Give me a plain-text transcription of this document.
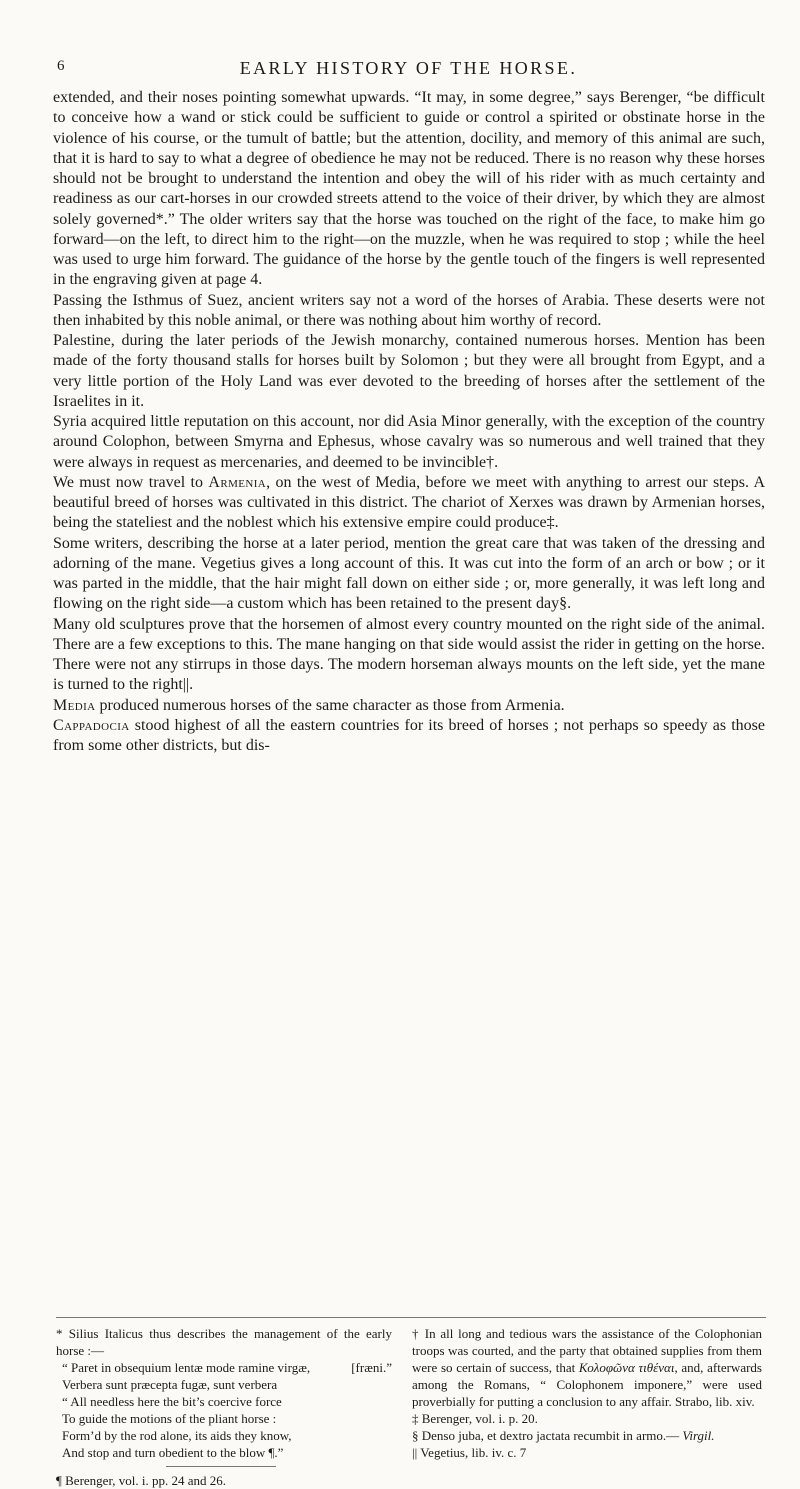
6	EARLY HISTORY OF THE HORSE.

extended, and their noses pointing somewhat upwards. “It may, in some degree,” says Berenger, “be difficult to conceive how a wand or stick could be sufficient to guide or control a spirited or obstinate horse in the violence of his course, or the tumult of battle; but the attention, docility, and memory of this animal are such, that it is hard to say to what a degree of obedience he may not be reduced. There is no reason why these horses should not be brought to understand the intention and obey the will of his rider with as much certainty and readiness as our cart-horses in our crowded streets attend to the voice of their driver, by which they are almost solely governed*.” The older writers say that the horse was touched on the right of the face, to make him go forward—on the left, to direct him to the right—on the muzzle, when he was required to stop ; while the heel was used to urge him forward. The guidance of the horse by the gentle touch of the fingers is well represented in the engraving given at page 4.

Passing the Isthmus of Suez, ancient writers say not a word of the horses of Arabia. These deserts were not then inhabited by this noble animal, or there was nothing about him worthy of record.

Palestine, during the later periods of the Jewish monarchy, contained numerous horses. Mention has been made of the forty thousand stalls for horses built by Solomon ; but they were all brought from Egypt, and a very little portion of the Holy Land was ever devoted to the breeding of horses after the settlement of the Israelites in it.

Syria acquired little reputation on this account, nor did Asia Minor generally, with the exception of the country around Colophon, between Smyrna and Ephesus, whose cavalry was so numerous and well trained that they were always in request as mercenaries, and deemed to be invincible†.

We must now travel to Armenia, on the west of Media, before we meet with anything to arrest our steps. A beautiful breed of horses was cultivated in this district. The chariot of Xerxes was drawn by Armenian horses, being the stateliest and the noblest which his extensive empire could produce‡.

Some writers, describing the horse at a later period, mention the great care that was taken of the dressing and adorning of the mane. Vegetius gives a long account of this. It was cut into the form of an arch or bow ; or it was parted in the middle, that the hair might fall down on either side ; or, more generally, it was left long and flowing on the right side—a custom which has been retained to the present day§.

Many old sculptures prove that the horsemen of almost every country mounted on the right side of the animal. There are a few exceptions to this. The mane hanging on that side would assist the rider in getting on the horse. There were not any stirrups in those days. The modern horseman always mounts on the left side, yet the mane is turned to the right||.

Media produced numerous horses of the same character as those from Armenia.

Cappadocia stood highest of all the eastern countries for its breed of horses ; not perhaps so speedy as those from some other districts, but dis-

* Silius Italicus thus describes the management of the early horse :—

“ Paret in obsequium lentæ mode ramine virgæ,	[fræni.”
Verbera sunt præcepta fugæ, sunt verbera
“ All needless here the bit’s coercive force
To guide the motions of the pliant horse :
Form’d by the rod alone, its aids they know,
And stop and turn obedient to the blow ¶.”

¶ Berenger, vol. i. pp. 24 and 26.

† In all long and tedious wars the assistance of the Colophonian troops was courted, and the party that obtained supplies from them were so certain of success, that Κολοφῶνα τιθέναι, and, afterwards among the Romans, “ Colophonem imponere,” were used proverbially for putting a conclusion to any affair. Strabo, lib. xiv.

‡ Berenger, vol. i. p. 20.

§ Denso juba, et dextro jactata recumbit in armo.— Virgil.

|| Vegetius, lib. iv. c. 7
